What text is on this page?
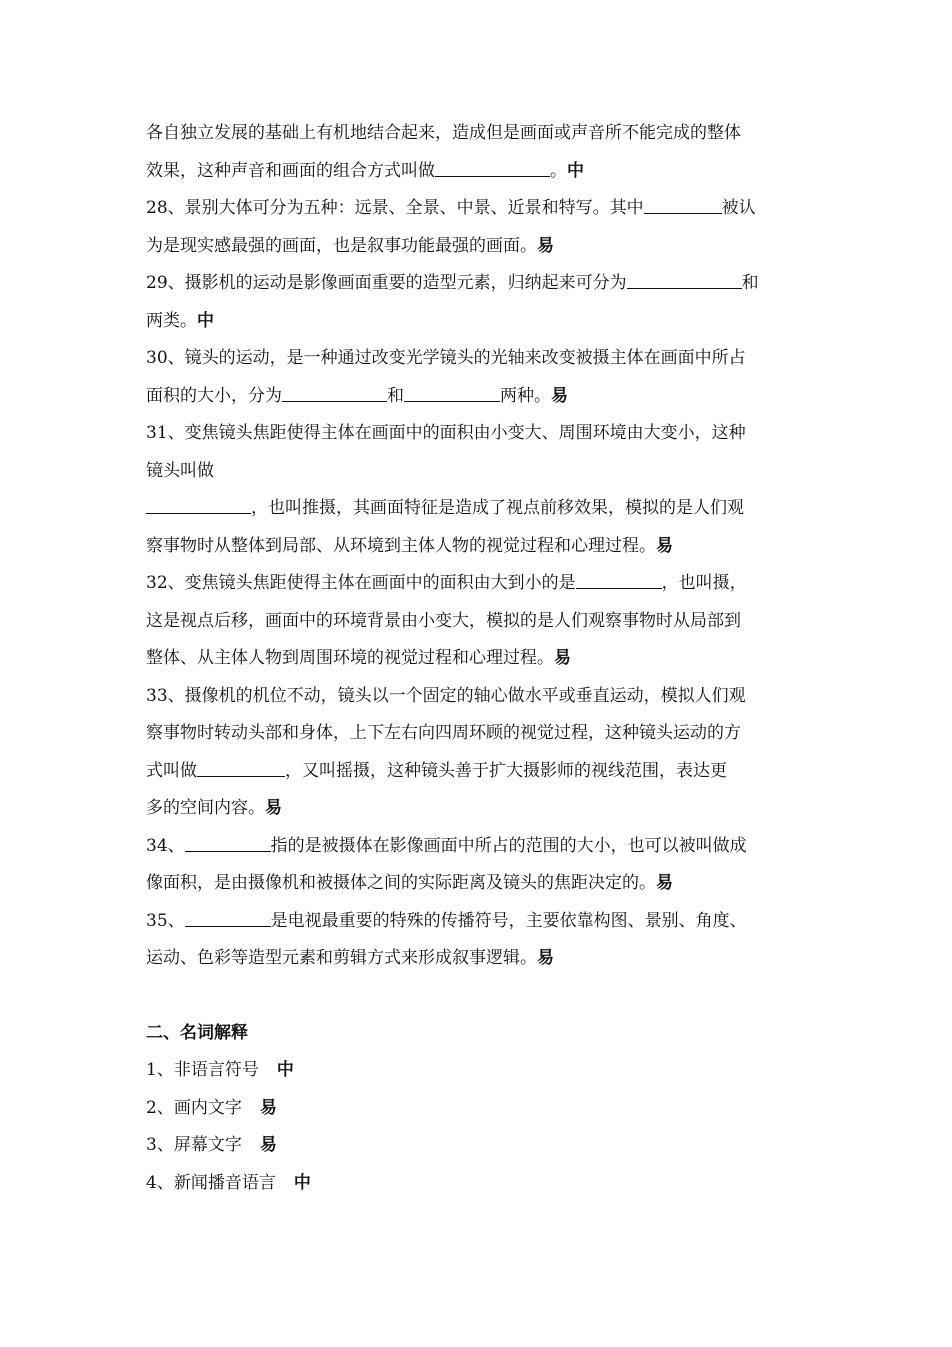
各自独立发展的基础上有机地结合起来，造成但是画面或声音所不能完成的整体
效果，这种声音和画面的组合方式叫做	。中
28、景别大体可分为五种：远景、全景、中景、近景和特写。其中	被认
为是现实感最强的画面，也是叙事功能最强的画面。易
29、摄影机的运动是影像画面重要的造型元素，归纳起来可分为	和
两类。中
30、镜头的运动，是一种通过改变光学镜头的光轴来改变被摄主体在画面中所占
面积的大小，分为	和	两种。易
31、变焦镜头焦距使得主体在画面中的面积由小变大、周围环境由大变小，这种
镜头叫做
，也叫推摄，其画面特征是造成了视点前移效果，模拟的是人们观
察事物时从整体到局部、从环境到主体人物的视觉过程和心理过程。易
32、变焦镜头焦距使得主体在画面中的面积由大到小的是	，也叫摄，
这是视点后移，画面中的环境背景由小变大，模拟的是人们观察事物时从局部到
整体、从主体人物到周围环境的视觉过程和心理过程。易
33、摄像机的机位不动，镜头以一个固定的轴心做水平或垂直运动，模拟人们观
察事物时转动头部和身体，上下左右向四周环顾的视觉过程，这种镜头运动的方
式叫做	，又叫摇摄，这种镜头善于扩大摄影师的视线范围，表达更
多的空间内容。易
34、	指的是被摄体在影像画面中所占的范围的大小，也可以被叫做成
像面积，是由摄像机和被摄体之间的实际距离及镜头的焦距决定的。易
35、	是电视最重要的特殊的传播符号，主要依靠构图、景别、角度、
运动、色彩等造型元素和剪辑方式来形成叙事逻辑。易
二、名词解释
1、非语言符号 中
2、画内文字 易
3、屏幕文字 易
4、新闻播音语言 中
